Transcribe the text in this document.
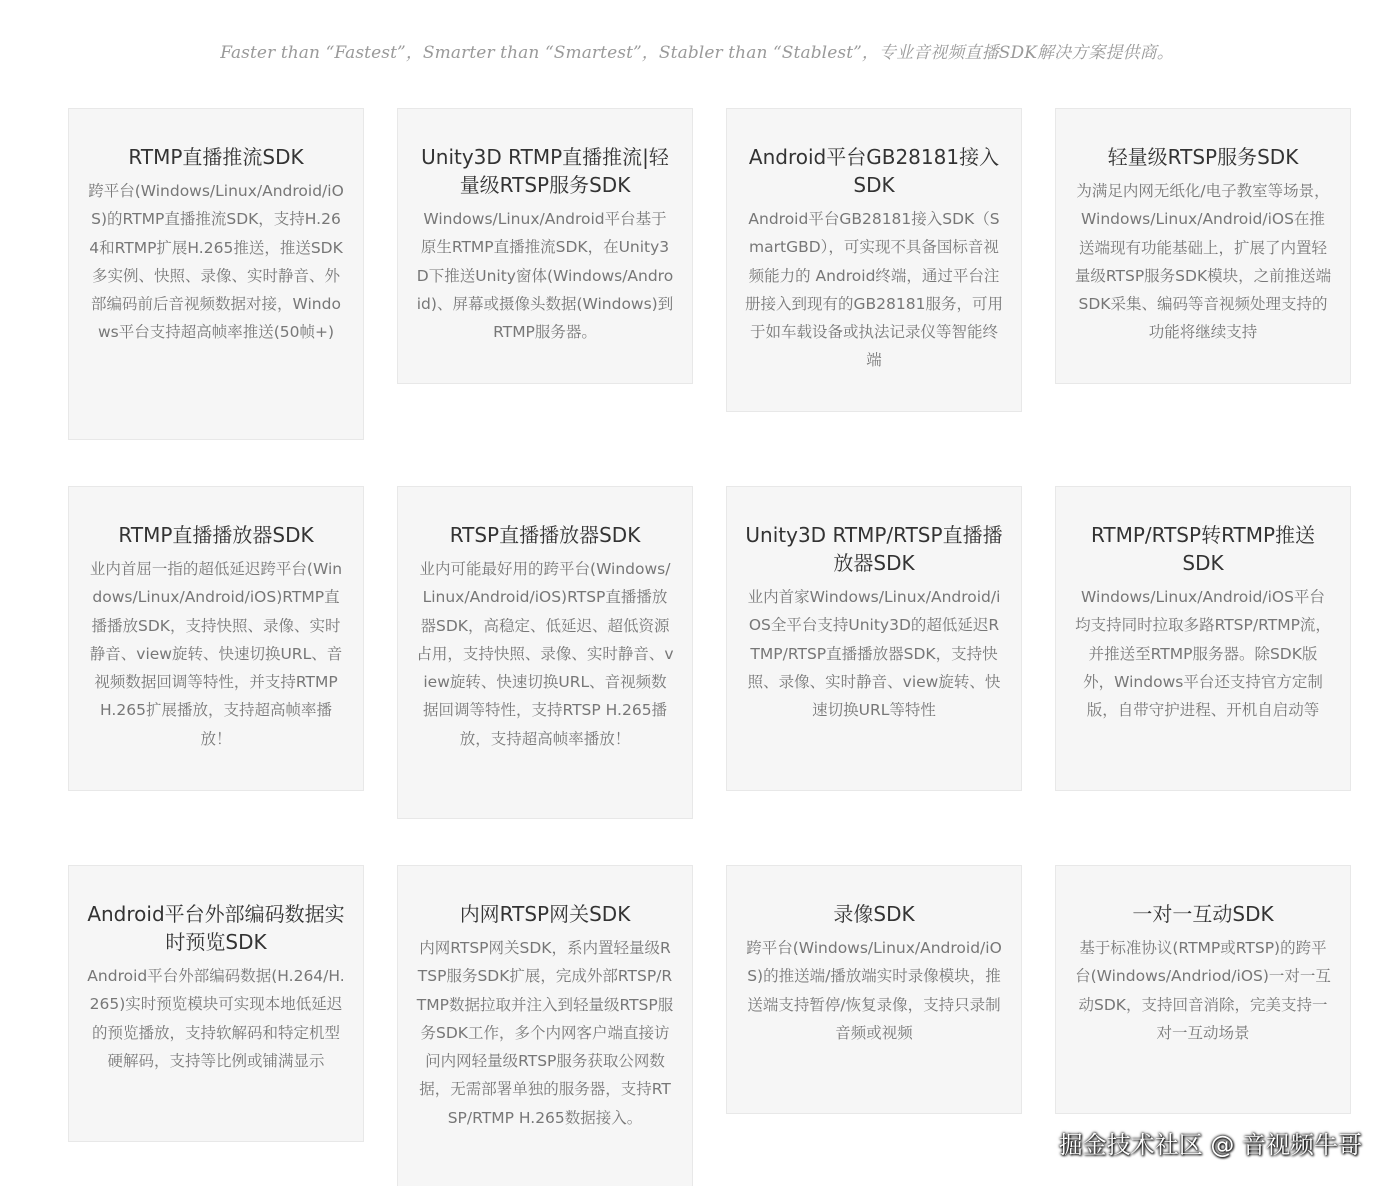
Faster than “Fastest”，Smarter than “Smartest”，Stabler than “Stablest”，专业音视频直播SDK解决方案提供商。
RTMP直播推流SDK

跨平台(Windows/Linux/Android/iOS)的RTMP直播推流SDK，支持H.264和RTMP扩展H.265推送，推送SDK多实例、快照、录像、实时静音、外部编码前后音视频数据对接，Windows平台支持超高帧率推送(50帧+)

Unity3D RTMP直播推流|轻量级RTSP服务SDK

Windows/Linux/Android平台基于原生RTMP直播推流SDK，在Unity3D下推送Unity窗体(Windows/Android)、屏幕或摄像头数据(Windows)到RTMP服务器。

Android平台GB28181接入SDK

Android平台GB28181接入SDK（SmartGBD），可实现不具备国标音视频能力的 Android终端，通过平台注册接入到现有的GB28181服务，可用于如车载设备或执法记录仪等智能终端

轻量级RTSP服务SDK

为满足内网无纸化/电子教室等场景，Windows/Linux/Android/iOS在推送端现有功能基础上，扩展了内置轻量级RTSP服务SDK模块，之前推送端SDK采集、编码等音视频处理支持的功能将继续支持

RTMP直播播放器SDK

业内首屈一指的超低延迟跨平台(Windows/Linux/Android/iOS)RTMP直播播放SDK，支持快照、录像、实时静音、view旋转、快速切换URL、音视频数据回调等特性，并支持RTMP H.265扩展播放，支持超高帧率播放！

RTSP直播播放器SDK

业内可能最好用的跨平台(Windows/Linux/Android/iOS)RTSP直播播放器SDK，高稳定、低延迟、超低资源占用，支持快照、录像、实时静音、view旋转、快速切换URL、音视频数据回调等特性，支持RTSP H.265播放，支持超高帧率播放！

Unity3D RTMP/RTSP直播播放器SDK

业内首家Windows/Linux/Android/iOS全平台支持Unity3D的超低延迟RTMP/RTSP直播播放器SDK，支持快照、录像、实时静音、view旋转、快速切换URL等特性

RTMP/RTSP转RTMP推送SDK

Windows/Linux/Android/iOS平台均支持同时拉取多路RTSP/RTMP流，并推送至RTMP服务器。除SDK版外，Windows平台还支持官方定制版，自带守护进程、开机自启动等

Android平台外部编码数据实时预览SDK

Android平台外部编码数据(H.264/H.265)实时预览模块可实现本地低延迟的预览播放，支持软解码和特定机型硬解码，支持等比例或铺满显示

内网RTSP网关SDK

内网RTSP网关SDK，系内置轻量级RTSP服务SDK扩展，完成外部RTSP/RTMP数据拉取并注入到轻量级RTSP服务SDK工作，多个内网客户端直接访问内网轻量级RTSP服务获取公网数据，无需部署单独的服务器，支持RTSP/RTMP H.265数据接入。

录像SDK

跨平台(Windows/Linux/Android/iOS)的推送端/播放端实时录像模块，推送端支持暂停/恢复录像，支持只录制音频或视频

一对一互动SDK

基于标准协议(RTMP或RTSP)的跨平台(Windows/Andriod/iOS)一对一互动SDK，支持回音消除，完美支持一对一互动场景

掘金技术社区 @ 音视频牛哥
